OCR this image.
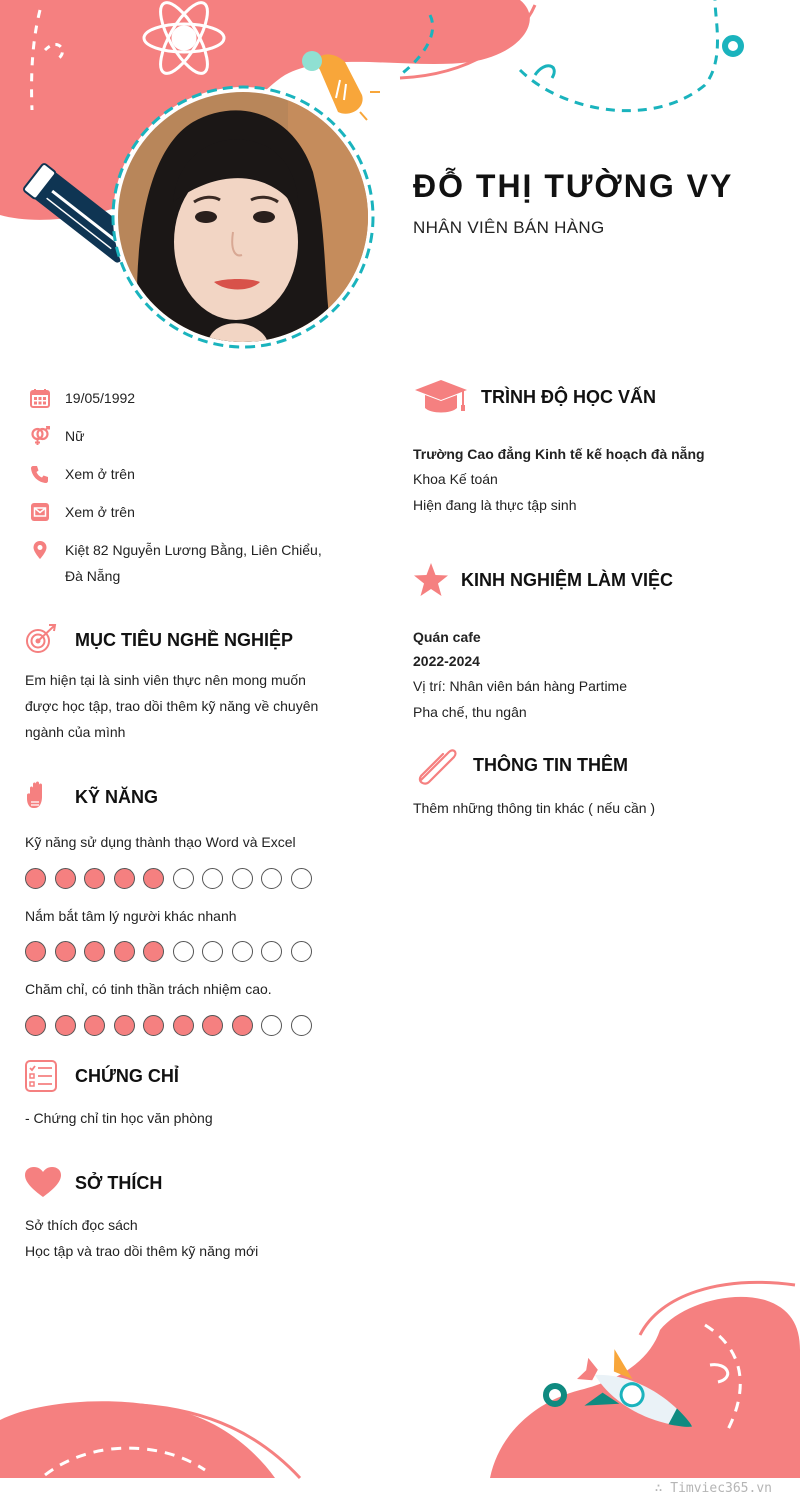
ĐỖ THỊ TƯỜNG VY
NHÂN VIÊN BÁN HÀNG
19/05/1992
Nữ
Xem ở trên
Xem ở trên
Kiệt 82 Nguyễn Lương Bằng, Liên Chiểu,
Đà Nẵng
MỤC TIÊU NGHỀ NGHIỆP
Em hiện tại là sinh viên thực nên mong muốn
được học tập, trao dồi thêm kỹ năng về chuyên
ngành của mình
KỸ NĂNG
Kỹ năng sử dụng thành thạo Word và Excel
Nắm bắt tâm lý người khác nhanh
Chăm chỉ, có tinh thần trách nhiệm cao.
CHỨNG CHỈ
- Chứng chỉ tin học văn phòng
SỞ THÍCH
Sở thích đọc sách
Học tập và trao dồi thêm kỹ năng mới
TRÌNH ĐỘ HỌC VẤN
Trường Cao đẳng Kinh tế kế hoạch đà nẵng
Khoa Kế toán
Hiện đang là thực tập sinh
KINH NGHIỆM LÀM VIỆC
Quán cafe
2022-2024
Vị trí: Nhân viên bán hàng Partime
Pha chế, thu ngân
THÔNG TIN THÊM
Thêm những thông tin khác ( nếu cần )
∴ Timviec365.vn
